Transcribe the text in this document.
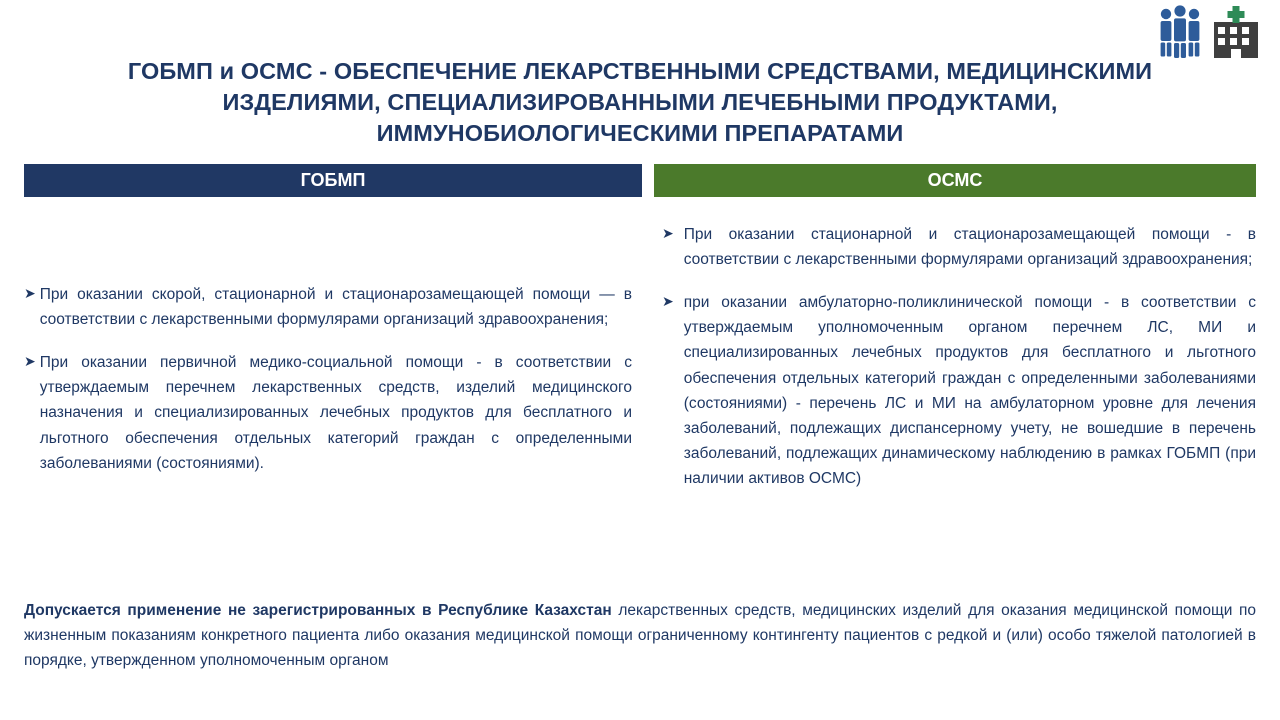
ГОБМП и ОСМС - ОБЕСПЕЧЕНИЕ ЛЕКАРСТВЕННЫМИ СРЕДСТВАМИ, МЕДИЦИНСКИМИ ИЗДЕЛИЯМИ, СПЕЦИАЛИЗИРОВАННЫМИ ЛЕЧЕБНЫМИ ПРОДУКТАМИ, ИММУНОБИОЛОГИЧЕСКИМИ ПРЕПАРАТАМИ
ГОБМП	ОСМС
➤ При оказании скорой, стационарной и стационарозамещающей помощи — в соответствии с лекарственными формулярами организаций здравоохранения;
➤ При оказании первичной медико-социальной помощи - в соответствии с утверждаемым перечнем лекарственных средств, изделий медицинского назначения и специализированных лечебных продуктов для бесплатного и льготного обеспечения отдельных категорий граждан с определенными заболеваниями (состояниями).
➤ При оказании стационарной и стационарозамещающей помощи - в соответствии с лекарственными формулярами организаций здравоохранения;
➤ при оказании амбулаторно-поликлинической помощи - в соответствии с утверждаемым уполномоченным органом перечнем ЛС, МИ и специализированных лечебных продуктов для бесплатного и льготного обеспечения отдельных категорий граждан с определенными заболеваниями (состояниями) - перечень ЛС и МИ на амбулаторном уровне для лечения заболеваний, подлежащих диспансерному учету, не вошедшие в перечень заболеваний, подлежащих динамическому наблюдению в рамках ГОБМП (при наличии активов ОСМС)
Допускается применение не зарегистрированных в Республике Казахстан лекарственных средств, медицинских изделий для оказания медицинской помощи по жизненным показаниям конкретного пациента либо оказания медицинской помощи ограниченному контингенту пациентов с редкой и (или) особо тяжелой патологией в порядке, утвержденном уполномоченным органом
